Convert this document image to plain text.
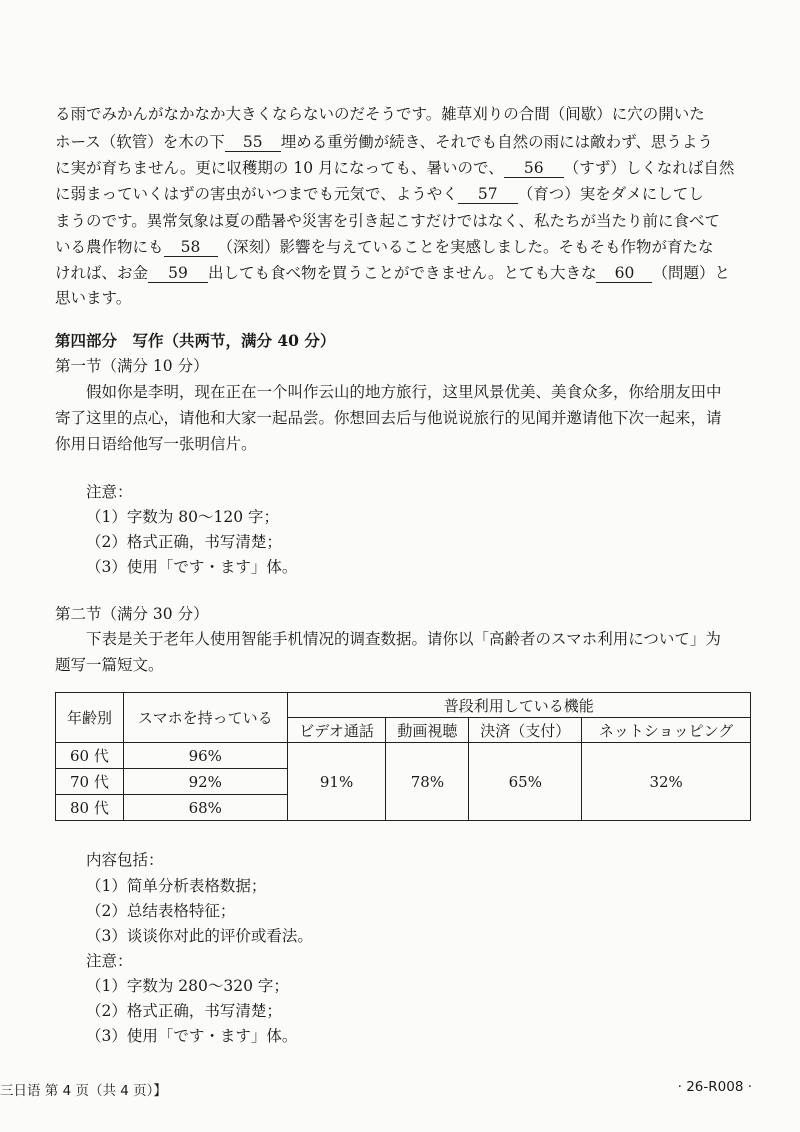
る雨でみかんがなかなか大きくならないのだそうです。雑草刈りの合間（间歇）に穴の開いた
ホース（软管）を木の下 55 埋める重労働が続き、それでも自然の雨には敵わず、思うよう
に実が育ちません。更に収穫期の 10 月になっても、暑いので、 56 （すず）しくなれば自然
に弱まっていくはずの害虫がいつまでも元気で、ようやく 57 （育つ）実をダメにしてし
まうのです。異常気象は夏の酷暑や災害を引き起こすだけではなく、私たちが当たり前に食べて
いる農作物にも 58 （深刻）影響を与えていることを実感しました。そもそも作物が育たな
ければ、お金 59 出しても食べ物を買うことができません。とても大きな 60 （問題）と
思います。
第四部分　写作（共两节，满分 40 分）
第一节（满分 10 分）
假如你是李明，现在正在一个叫作云山的地方旅行，这里风景优美、美食众多，你给朋友田中
寄了这里的点心，请他和大家一起品尝。你想回去后与他说说旅行的见闻并邀请他下次一起来，请
你用日语给他写一张明信片。
注意：
（1）字数为 80～120 字；
（2）格式正确，书写清楚；
（3）使用「です・ます」体。
第二节（满分 30 分）
下表是关于老年人使用智能手机情况的调查数据。请你以「高齢者のスマホ利用について」为
题写一篇短文。
年齢別	スマホを持っている	普段利用している機能			
		ビデオ通話	動画視聴	決済（支付）	ネットショッピング
60 代	96%	91%	78%	65%	32%
70 代	92%				
80 代	68%				
内容包括：
（1）简单分析表格数据；
（2）总结表格特征；
（3）谈谈你对此的评价或看法。
注意：
（1）字数为 280～320 字；
（2）格式正确，书写清楚；
（3）使用「です・ます」体。
三日语 第 4 页（共 4 页）】	· 26-R008 ·
